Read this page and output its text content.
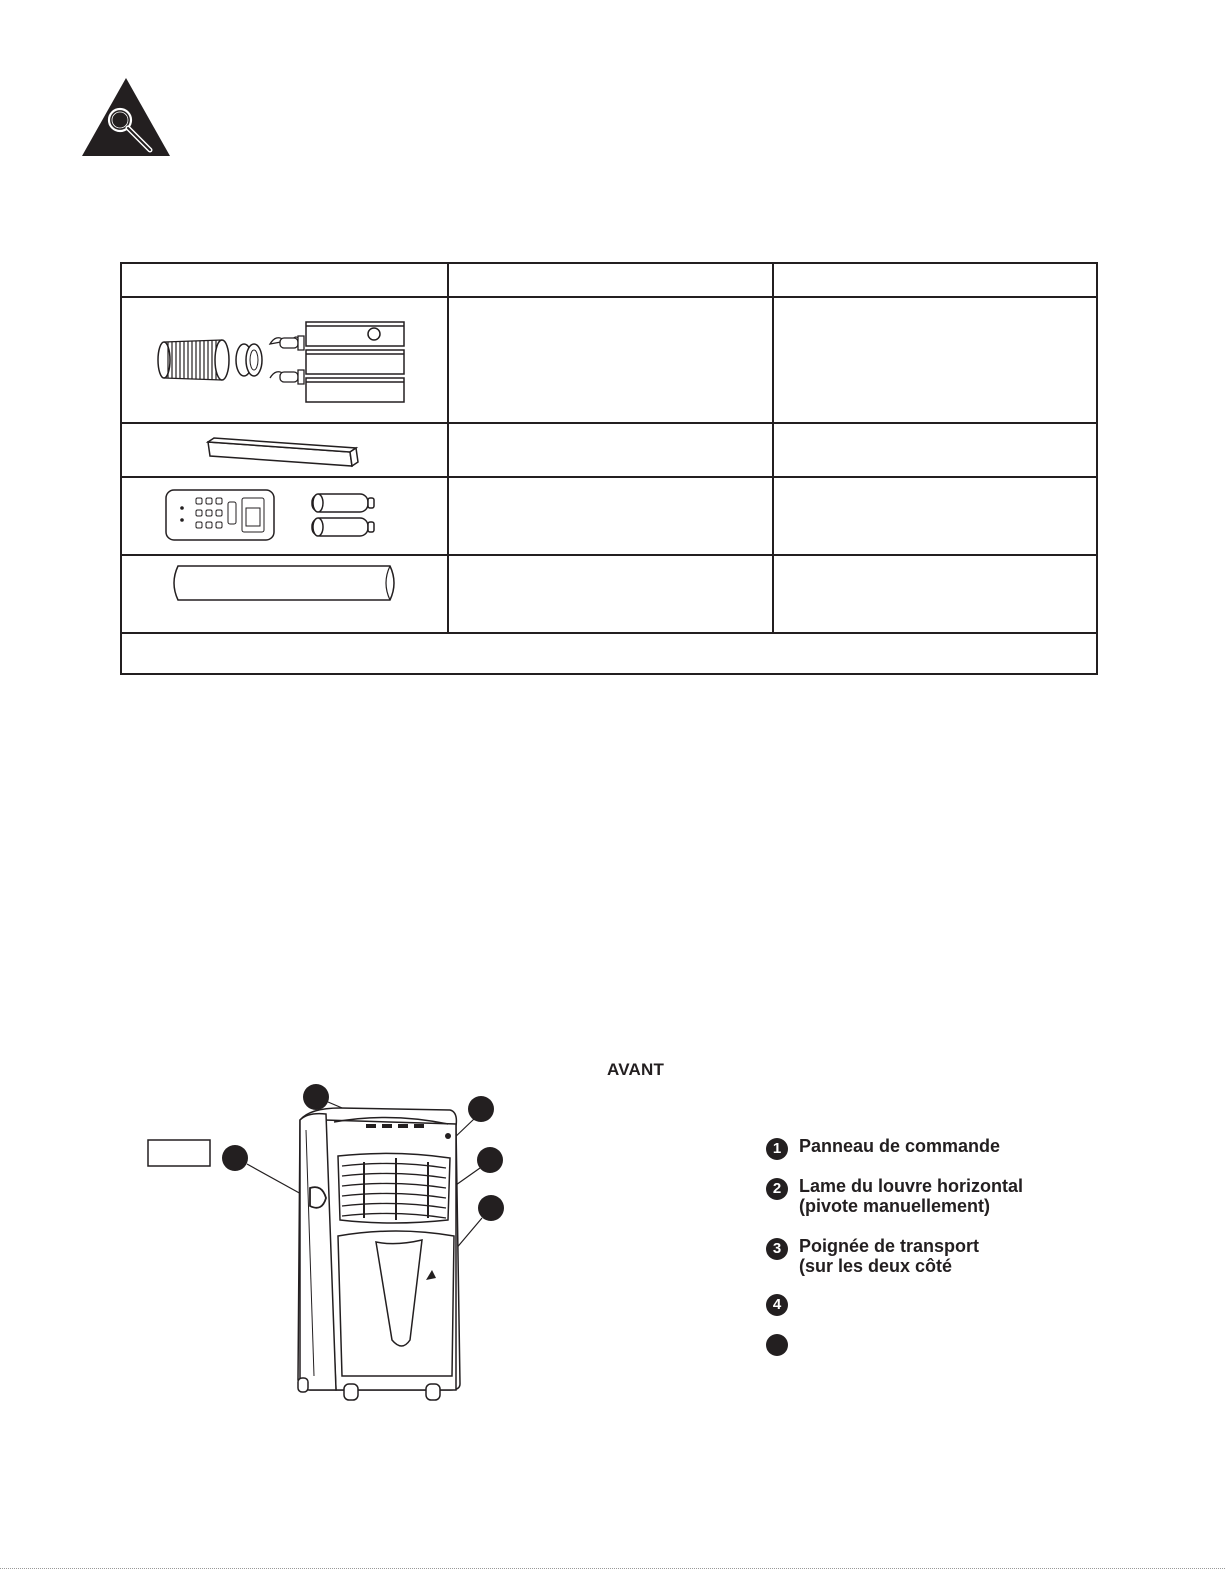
AVANT
1 Panneau de commande
2 Lame du louvre horizontal
(pivote manuellement)
3 Poignée de transport
(sur les deux côté
4
